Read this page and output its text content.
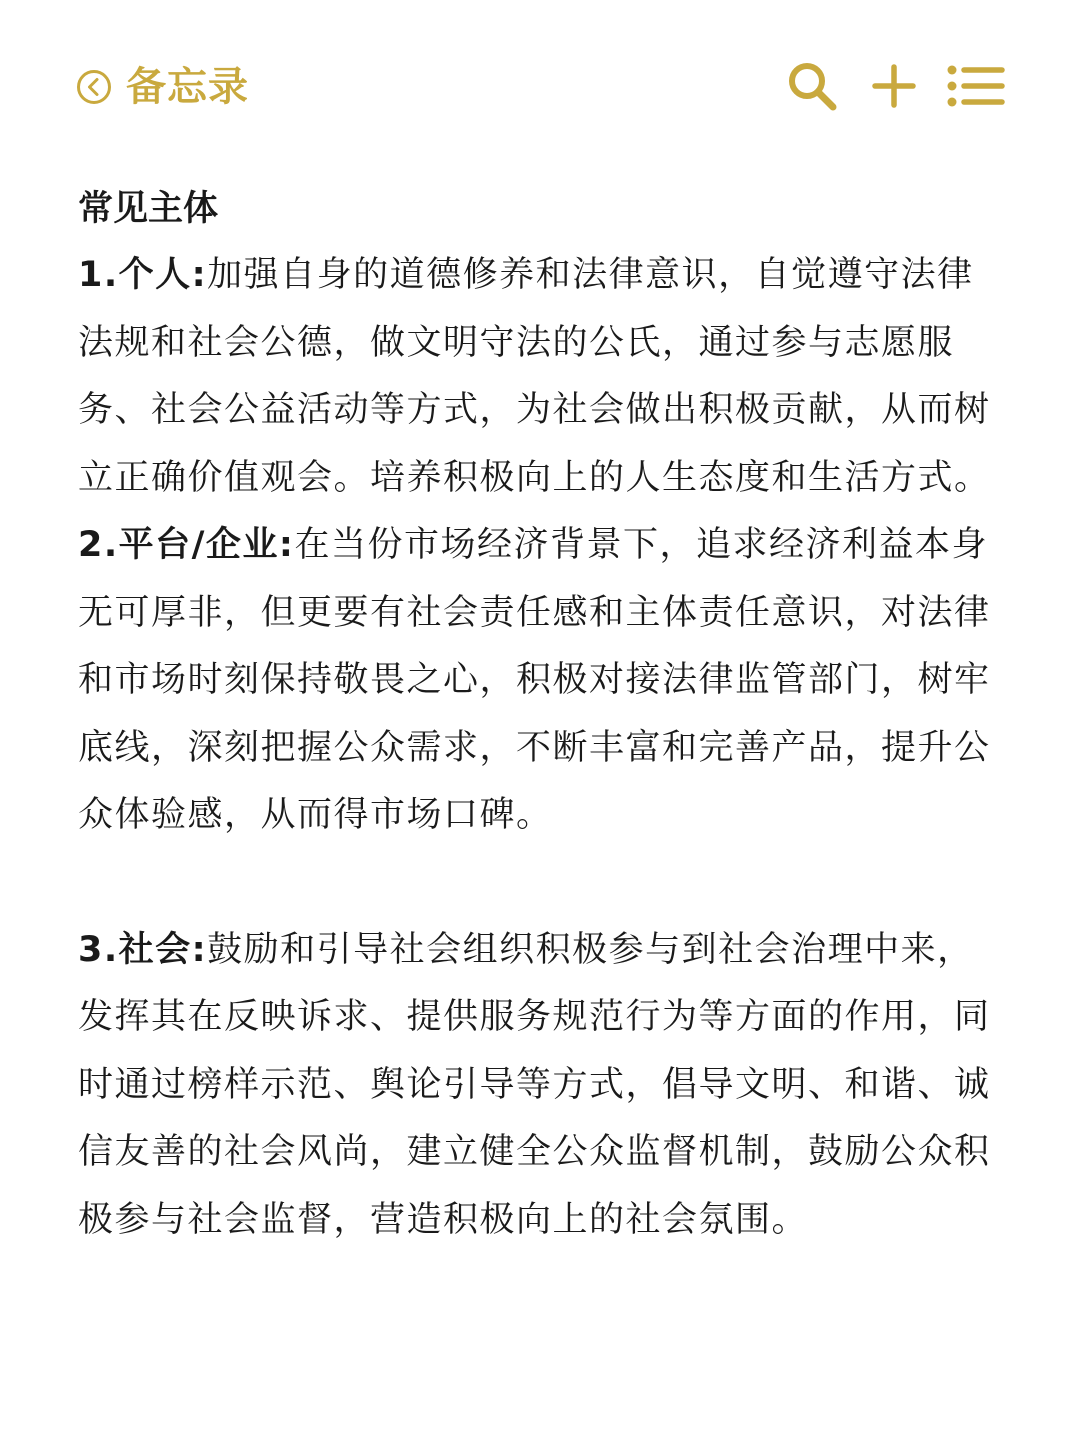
备忘录
常见主体

1.个人:加强自身的道德修养和法律意识，自觉遵守法律法规和社会公德，做文明守法的公氏，通过参与志愿服务、社会公益活动等方式，为社会做出积极贡献，从而树立正确价值观会。培养积极向上的人生态度和生活方式。

2.平台/企业:在当份市场经济背景下，追求经济利益本身无可厚非，但更要有社会责任感和主体责任意识，对法律和市场时刻保持敬畏之心，积极对接法律监管部门，树牢底线，深刻把握公众需求，不断丰富和完善产品，提升公众体验感，从而得市场口碑。

3.社会:鼓励和引导社会组织积极参与到社会治理中来，发挥其在反映诉求、提供服务规范行为等方面的作用，同时通过榜样示范、舆论引导等方式，倡导文明、和谐、诚信友善的社会风尚，建立健全公众监督机制，鼓励公众积极参与社会监督，营造积极向上的社会氛围。
